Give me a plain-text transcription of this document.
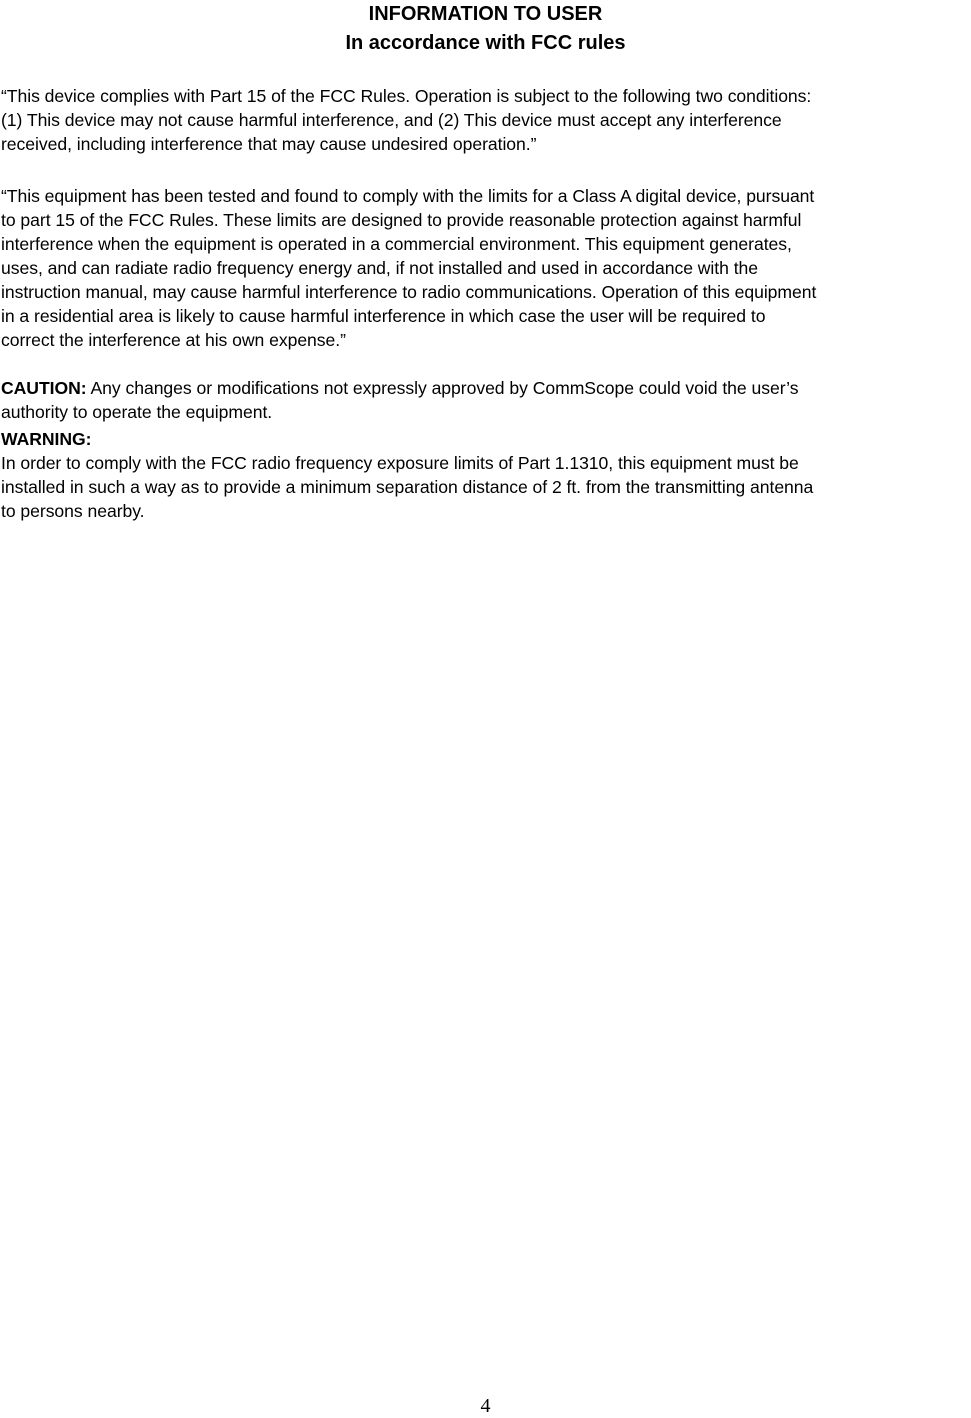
INFORMATION TO USER
In accordance with FCC rules

“This device complies with Part 15 of the FCC Rules. Operation is subject to the following two conditions:
(1) This device may not cause harmful interference, and (2) This device must accept any interference
received, including interference that may cause undesired operation.”

“This equipment has been tested and found to comply with the limits for a Class A digital device, pursuant
to part 15 of the FCC Rules. These limits are designed to provide reasonable protection against harmful
interference when the equipment is operated in a commercial environment. This equipment generates,
uses, and can radiate radio frequency energy and, if not installed and used in accordance with the
instruction manual, may cause harmful interference to radio communications. Operation of this equipment
in a residential area is likely to cause harmful interference in which case the user will be required to
correct the interference at his own expense.”

CAUTION: Any changes or modifications not expressly approved by CommScope could void the user’s
authority to operate the equipment.

WARNING:
In order to comply with the FCC radio frequency exposure limits of Part 1.1310, this equipment must be
installed in such a way as to provide a minimum separation distance of 2 ft. from the transmitting antenna
to persons nearby.

4
